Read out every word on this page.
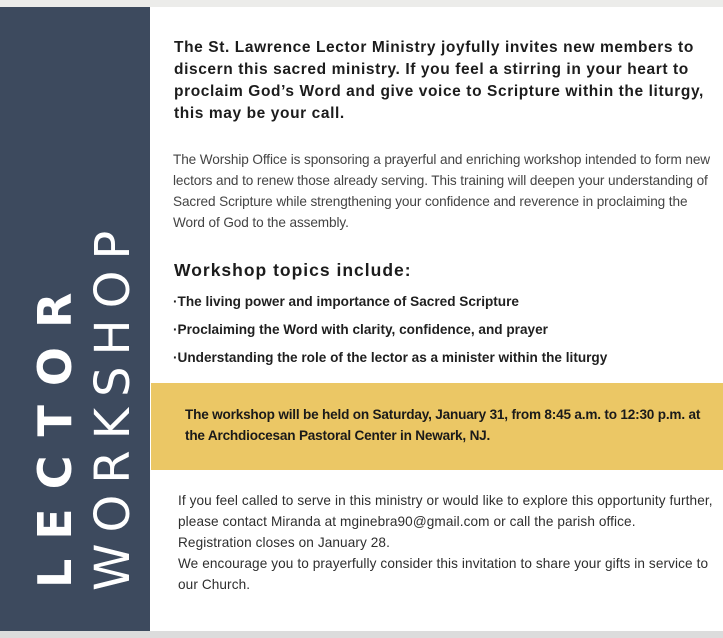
LECTOR WORKSHOP
The St. Lawrence Lector Ministry joyfully invites new members to discern this sacred ministry. If you feel a stirring in your heart to proclaim God’s Word and give voice to Scripture within the liturgy, this may be your call.
The Worship Office is sponsoring a prayerful and enriching workshop intended to form new lectors and to renew those already serving. This training will deepen your understanding of Sacred Scripture while strengthening your confidence and reverence in proclaiming the Word of God to the assembly.
Workshop topics include:
· The living power and importance of Sacred Scripture
· Proclaiming the Word with clarity, confidence, and prayer
· Understanding the role of the lector as a minister within the liturgy
The workshop will be held on Saturday, January 31, from 8:45 a.m. to 12:30 p.m. at the Archdiocesan Pastoral Center in Newark, NJ.
If you feel called to serve in this ministry or would like to explore this opportunity further, please contact Miranda at mginebra90@gmail.com or call the parish office. Registration closes on January 28.
We encourage you to prayerfully consider this invitation to share your gifts in service to our Church.
